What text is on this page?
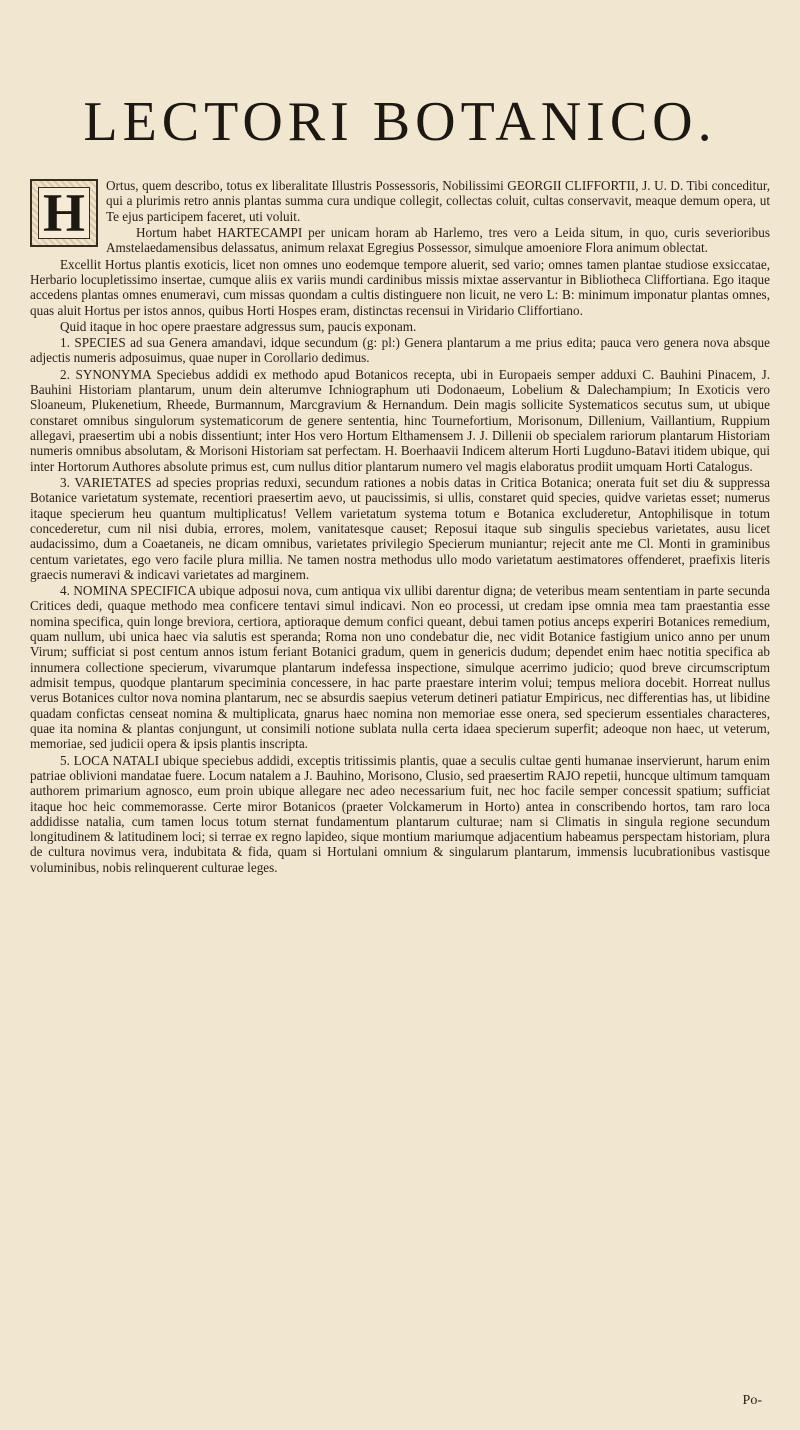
LECTORI BOTANICO.
H	Ortus, quem describo, totus ex liberalitate Illustris Possessoris, Nobilissimi GEORGII CLIFFORTII, J. U. D. Tibi conceditur, qui a plurimis retro annis plantas summa cura undique collegit, collectas coluit, cultas conservavit, meaque demum opera, ut Te ejus participem faceret, uti voluit.

Hortum habet HARTECAMPI per unicam horam ab Harlemo, tres vero a Leida situm, in quo, curis severioribus Amstelaedamensibus delassatus, animum relaxat Egregius Possessor, simulque amoeniore Flora animum oblectat.

Excellit Hortus plantis exoticis, licet non omnes uno eodemque tempore aluerit, sed vario; omnes tamen plantae studiose exsiccatae, Herbario locupletissimo insertae, cumque aliis ex variis mundi cardinibus missis mixtae asservantur in Bibliotheca Cliffortiana. Ego itaque accedens plantas omnes enumeravi, cum missas quondam a cultis distinguere non licuit, ne vero L: B: minimum imponatur plantas omnes, quas aluit Hortus per istos annos, quibus Horti Hospes eram, distinctas recensui in Viridario Cliffortiano.

Quid itaque in hoc opere praestare adgressus sum, paucis exponam.

1. SPECIES ad sua Genera amandavi, idque secundum (g: pl:) Genera plantarum a me prius edita; pauca vero genera nova absque adjectis numeris adposuimus, quae nuper in Corollario dedimus.

2. SYNONYMA Speciebus addidi ex methodo apud Botanicos recepta, ubi in Europaeis semper adduxi C. Bauhini Pinacem, J. Bauhini Historiam plantarum, unum dein alterumve Ichniographum uti Dodonaeum, Lobelium & Dalechampium; In Exoticis vero Sloaneum, Plukenetium, Rheede, Burmannum, Marcgravium & Hernandum. Dein magis sollicite Systematicos secutus sum, ut ubique constaret omnibus singulorum systematicorum de genere sententia, hinc Tournefortium, Morisonum, Dillenium, Vaillantium, Ruppium allegavi, praesertim ubi a nobis dissentiunt; inter Hos vero Hortum Elthamensem J. J. Dillenii ob specialem rariorum plantarum Historiam numeris omnibus absolutam, & Morisoni Historiam sat perfectam. H. Boerhaavii Indicem alterum Horti Lugduno-Batavi itidem ubique, qui inter Hortorum Authores absolute primus est, cum nullus ditior plantarum numero vel magis elaboratus prodiit umquam Horti Catalogus.

3. VARIETATES ad species proprias reduxi, secundum rationes a nobis datas in Critica Botanica; onerata fuit set diu & suppressa Botanice varietatum systemate, recentiori praesertim aevo, ut paucissimis, si ullis, constaret quid species, quidve varietas esset; numerus itaque specierum heu quantum multiplicatus! Vellem varietatum systema totum e Botanica excluderetur, Antophilisque in totum concederetur, cum nil nisi dubia, errores, molem, vanitatesque causet; Reposui itaque sub singulis speciebus varietates, ausu licet audacissimo, dum a Coaetaneis, ne dicam omnibus, varietates privilegio Specierum muniantur; rejecit ante me Cl. Monti in graminibus centum varietates, ego vero facile plura millia. Ne tamen nostra methodus ullo modo varietatum aestimatores offenderet, praefixis literis graecis numeravi & indicavi varietates ad marginem.

4. NOMINA SPECIFICA ubique adposui nova, cum antiqua vix ullibi darentur digna; de veteribus meam sententiam in parte secunda Critices dedi, quaque methodo mea conficere tentavi simul indicavi. Non eo processi, ut credam ipse omnia mea tam praestantia esse nomina specifica, quin longe breviora, certiora, aptioraque demum confici queant, debui tamen potius anceps experiri Botanices remedium, quam nullum, ubi unica haec via salutis est speranda; Roma non uno condebatur die, nec vidit Botanice fastigium unico anno per unum Virum; sufficiat si post centum annos istum feriant Botanici gradum, quem in genericis dudum; dependet enim haec notitia specifica ab innumera collectione specierum, vivarumque plantarum indefessa inspectione, simulque acerrimo judicio; quod breve circumscriptum admisit tempus, quodque plantarum speciminia concessere, in hac parte praestare interim volui; tempus meliora docebit. Horreat nullus verus Botanices cultor nova nomina plantarum, nec se absurdis saepius veterum detineri patiatur Empiricus, nec differentias has, ut libidine quadam confictas censeat nomina & multiplicata, gnarus haec nomina non memoriae esse onera, sed specierum essentiales characteres, quae ita nomina & plantas conjungunt, ut consimili notione sublata nulla certa idaea specierum superfit; adeoque non haec, ut veterum, memoriae, sed judicii opera & ipsis plantis inscripta.

5. LOCA NATALI ubique speciebus addidi, exceptis tritissimis plantis, quae a seculis cultae genti humanae inservierunt, harum enim patriae oblivioni mandatae fuere. Locum natalem a J. Bauhino, Morisono, Clusio, sed praesertim RAJO repetii, huncque ultimum tamquam authorem primarium agnosco, eum proin ubique allegare nec adeo necessarium fuit, nec hoc facile semper concessit spatium; sufficiat itaque hoc heic commemorasse. Certe miror Botanicos (praeter Volckamerum in Horto) antea in conscribendo hortos, tam raro loca addidisse natalia, cum tamen locus totum sternat fundamentum plantarum culturae; nam si Climatis in singula regione secundum longitudinem & latitudinem loci; si terrae ex regno lapideo, sique montium mariumque adjacentium habeamus perspectam historiam, plura de cultura novimus vera, indubitata & fida, quam si Hortulani omnium & singularum plantarum, immensis lucubrationibus vastisque voluminibus, nobis relinquerent culturae leges.

Po-
